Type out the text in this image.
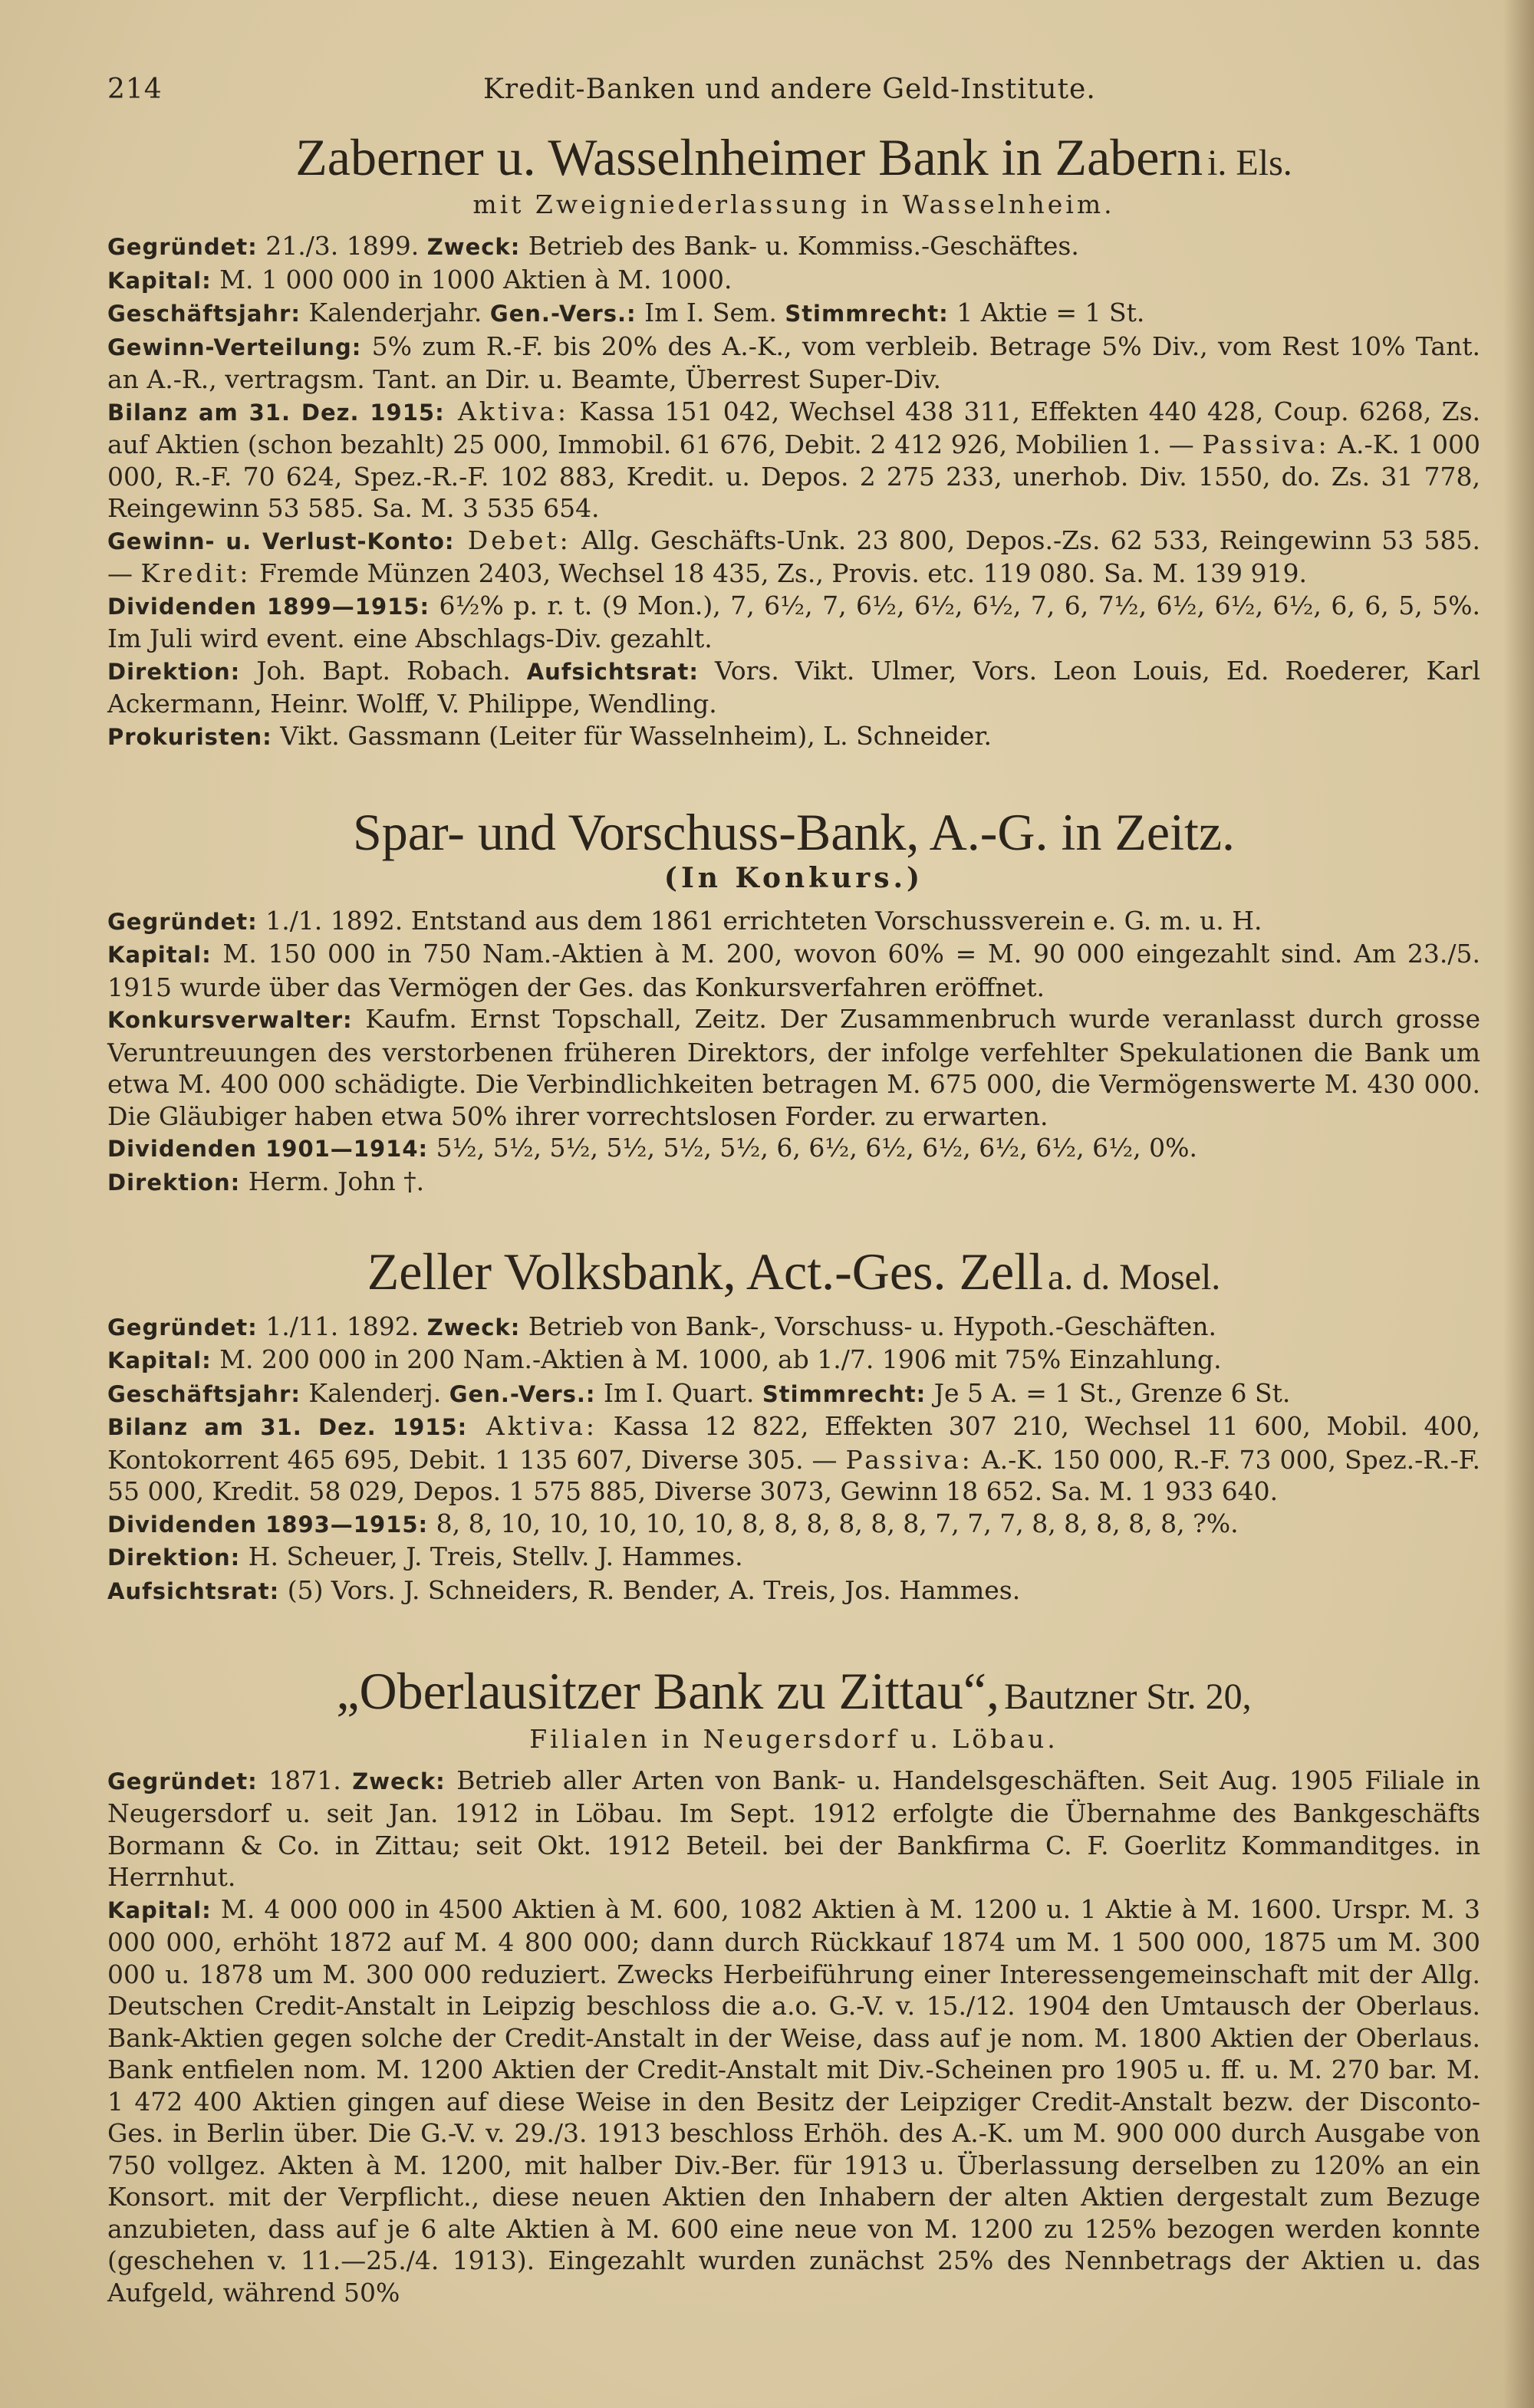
214	Kredit-Banken und andere Geld-Institute.
Zaberner u. Wasselnheimer Bank in Zabern i. Els.
mit Zweigniederlassung in Wasselnheim.

Gegründet: 21./3. 1899. Zweck: Betrieb des Bank- u. Kommiss.-Geschäftes.

Kapital: M. 1 000 000 in 1000 Aktien à M. 1000.

Geschäftsjahr: Kalenderjahr. Gen.-Vers.: Im I. Sem. Stimmrecht: 1 Aktie = 1 St.

Gewinn-Verteilung: 5% zum R.-F. bis 20% des A.-K., vom verbleib. Betrage 5% Div., vom Rest 10% Tant. an A.-R., vertragsm. Tant. an Dir. u. Beamte, Überrest Super-Div.

Bilanz am 31. Dez. 1915: Aktiva: Kassa 151 042, Wechsel 438 311, Effekten 440 428, Coup. 6268, Zs. auf Aktien (schon bezahlt) 25 000, Immobil. 61 676, Debit. 2 412 926, Mobilien 1. — Passiva: A.-K. 1 000 000, R.-F. 70 624, Spez.-R.-F. 102 883, Kredit. u. Depos. 2 275 233, unerhob. Div. 1550, do. Zs. 31 778, Reingewinn 53 585. Sa. M. 3 535 654.

Gewinn- u. Verlust-Konto: Debet: Allg. Geschäfts-Unk. 23 800, Depos.-Zs. 62 533, Reingewinn 53 585. — Kredit: Fremde Münzen 2403, Wechsel 18 435, Zs., Provis. etc. 119 080. Sa. M. 139 919.

Dividenden 1899—1915: 6½% p. r. t. (9 Mon.), 7, 6½, 7, 6½, 6½, 6½, 7, 6, 7½, 6½, 6½, 6½, 6, 6, 5, 5%. Im Juli wird event. eine Abschlags-Div. gezahlt.

Direktion: Joh. Bapt. Robach. Aufsichtsrat: Vors. Vikt. Ulmer, Vors. Leon Louis, Ed. Roederer, Karl Ackermann, Heinr. Wolff, V. Philippe, Wendling.

Prokuristen: Vikt. Gassmann (Leiter für Wasselnheim), L. Schneider.

Spar- und Vorschuss-Bank, A.-G. in Zeitz.
(In Konkurs.)

Gegründet: 1./1. 1892. Entstand aus dem 1861 errichteten Vorschussverein e. G. m. u. H.

Kapital: M. 150 000 in 750 Nam.-Aktien à M. 200, wovon 60% = M. 90 000 eingezahlt sind. Am 23./5. 1915 wurde über das Vermögen der Ges. das Konkursverfahren eröffnet.

Konkursverwalter: Kaufm. Ernst Topschall, Zeitz. Der Zusammenbruch wurde veranlasst durch grosse Veruntreuungen des verstorbenen früheren Direktors, der infolge verfehlter Spekulationen die Bank um etwa M. 400 000 schädigte. Die Verbindlichkeiten betragen M. 675 000, die Vermögenswerte M. 430 000. Die Gläubiger haben etwa 50% ihrer vorrechtslosen Forder. zu erwarten.

Dividenden 1901—1914: 5½, 5½, 5½, 5½, 5½, 5½, 6, 6½, 6½, 6½, 6½, 6½, 6½, 0%.

Direktion: Herm. John †.

Zeller Volksbank, Act.-Ges. Zell a. d. Mosel.

Gegründet: 1./11. 1892. Zweck: Betrieb von Bank-, Vorschuss- u. Hypoth.-Geschäften.

Kapital: M. 200 000 in 200 Nam.-Aktien à M. 1000, ab 1./7. 1906 mit 75% Einzahlung.

Geschäftsjahr: Kalenderj. Gen.-Vers.: Im I. Quart. Stimmrecht: Je 5 A. = 1 St., Grenze 6 St.

Bilanz am 31. Dez. 1915: Aktiva: Kassa 12 822, Effekten 307 210, Wechsel 11 600, Mobil. 400, Kontokorrent 465 695, Debit. 1 135 607, Diverse 305. — Passiva: A.-K. 150 000, R.-F. 73 000, Spez.-R.-F. 55 000, Kredit. 58 029, Depos. 1 575 885, Diverse 3073, Gewinn 18 652. Sa. M. 1 933 640.

Dividenden 1893—1915: 8, 8, 10, 10, 10, 10, 10, 8, 8, 8, 8, 8, 8, 7, 7, 7, 8, 8, 8, 8, 8, ?%.

Direktion: H. Scheuer, J. Treis, Stellv. J. Hammes.

Aufsichtsrat: (5) Vors. J. Schneiders, R. Bender, A. Treis, Jos. Hammes.

„Oberlausitzer Bank zu Zittau“, Bautzner Str. 20,
Filialen in Neugersdorf u. Löbau.

Gegründet: 1871. Zweck: Betrieb aller Arten von Bank- u. Handelsgeschäften. Seit Aug. 1905 Filiale in Neugersdorf u. seit Jan. 1912 in Löbau. Im Sept. 1912 erfolgte die Übernahme des Bankgeschäfts Bormann & Co. in Zittau; seit Okt. 1912 Beteil. bei der Bankfirma C. F. Goerlitz Kommanditges. in Herrnhut.

Kapital: M. 4 000 000 in 4500 Aktien à M. 600, 1082 Aktien à M. 1200 u. 1 Aktie à M. 1600. Urspr. M. 3 000 000, erhöht 1872 auf M. 4 800 000; dann durch Rückkauf 1874 um M. 1 500 000, 1875 um M. 300 000 u. 1878 um M. 300 000 reduziert. Zwecks Herbeiführung einer Interessengemeinschaft mit der Allg. Deutschen Credit-Anstalt in Leipzig beschloss die a.o. G.-V. v. 15./12. 1904 den Umtausch der Oberlaus. Bank-Aktien gegen solche der Credit-Anstalt in der Weise, dass auf je nom. M. 1800 Aktien der Oberlaus. Bank entfielen nom. M. 1200 Aktien der Credit-Anstalt mit Div.-Scheinen pro 1905 u. ff. u. M. 270 bar. M. 1 472 400 Aktien gingen auf diese Weise in den Besitz der Leipziger Credit-Anstalt bezw. der Disconto-Ges. in Berlin über. Die G.-V. v. 29./3. 1913 beschloss Erhöh. des A.-K. um M. 900 000 durch Ausgabe von 750 vollgez. Akten à M. 1200, mit halber Div.-Ber. für 1913 u. Überlassung derselben zu 120% an ein Konsort. mit der Verpflicht., diese neuen Aktien den Inhabern der alten Aktien dergestalt zum Bezuge anzubieten, dass auf je 6 alte Aktien à M. 600 eine neue von M. 1200 zu 125% bezogen werden konnte (geschehen v. 11.—25./4. 1913). Eingezahlt wurden zunächst 25% des Nennbetrags der Aktien u. das Aufgeld, während 50%
